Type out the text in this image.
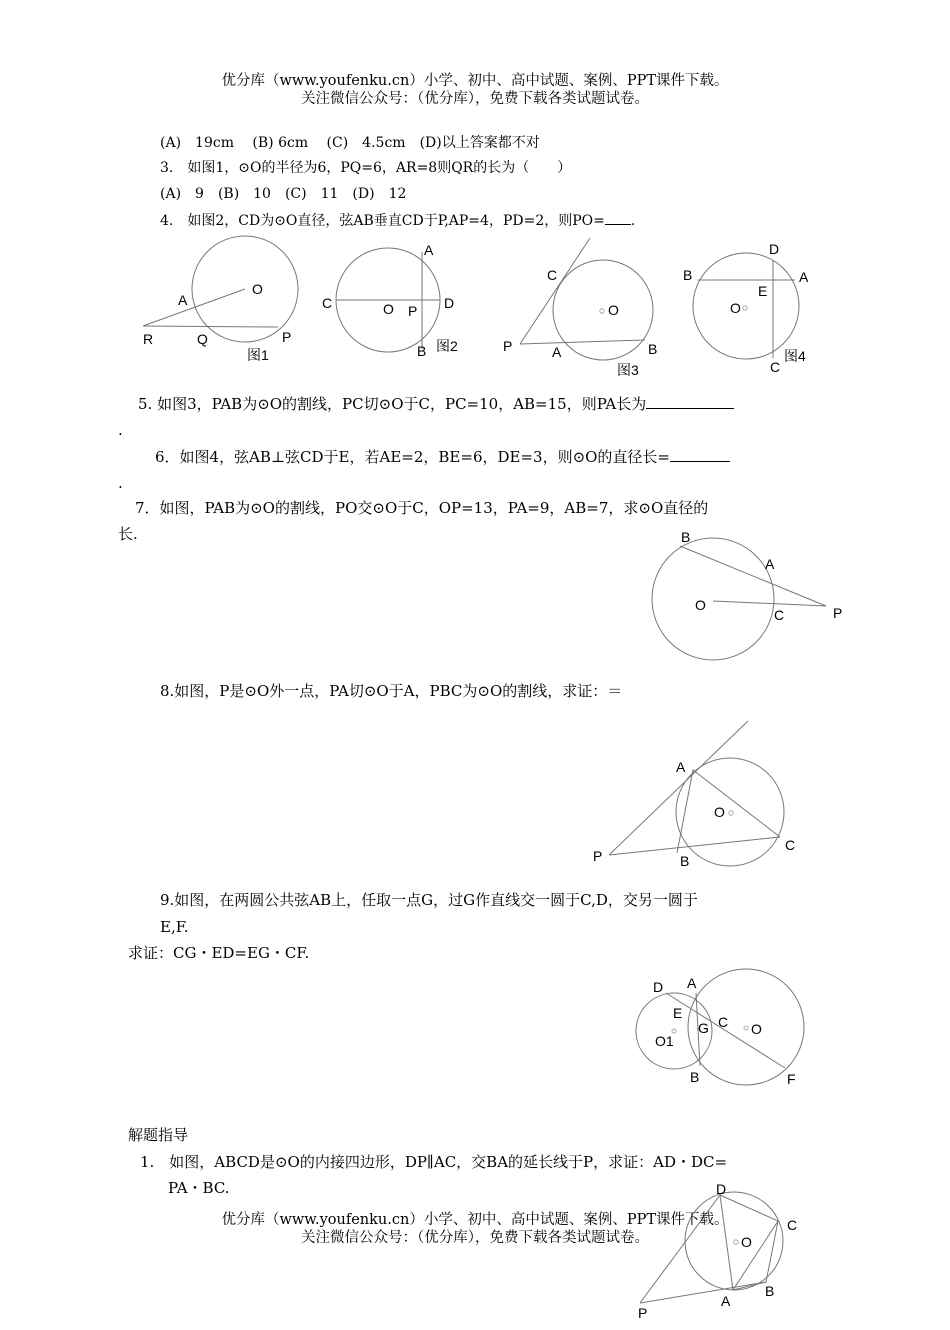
优分库（www.youfenku.cn）小学、初中、高中试题、案例、PPT课件下载。
关注微信公众号：（优分库），免费下载各类试题试卷。
(A)　19cm　 (B) 6cm　 (C)　4.5cm　(D)以上答案都不对
3.　如图1，⊙O的半径为6，PQ=6，AR=8则QR的长为（　　）
(A)　9　(B)　10　(C)　11　(D)　12
4.　如图2，CD为⊙O直径，弦AB垂直CD于P,AP=4，PD=2，则PO= .
O
A
R	Q	P
图1
A
C	O P D
B 图2
C
O
P	A	B
图3
D
B	A
E
O
C
图4
5. 如图3，PAB为⊙O的割线，PC切⊙O于C，PC=10，AB=15，则PA长为
.
6．如图4，弦AB⊥弦CD于E，若AE=2，BE=6，DE=3，则⊙O的直径长=
.
7．如图，PAB为⊙O的割线，PO交⊙O于C，OP=13，PA=9，AB=7，求⊙O直径的
长.	B
A
O
C	P
8.如图，P是⊙O外一点，PA切⊙O于A，PBC为⊙O的割线，求证：＝
A
O
C
P	B
9.如图，在两圆公共弦AB上，任取一点G，过G作直线交一圆于C,D，交另一圆于
E,F.
求证：CG・ED=EG・CF.
D A
E
G C O
O1
B	F
解题指导
1.　如图，ABCD是⊙O的内接四边形，DP∥AC，交BA的延长线于P，求证：AD・DC=
PA・BC.	D
C
O
B
A
P
优分库（www.youfenku.cn）小学、初中、高中试题、案例、PPT课件下载。
关注微信公众号：（优分库），免费下载各类试题试卷。
